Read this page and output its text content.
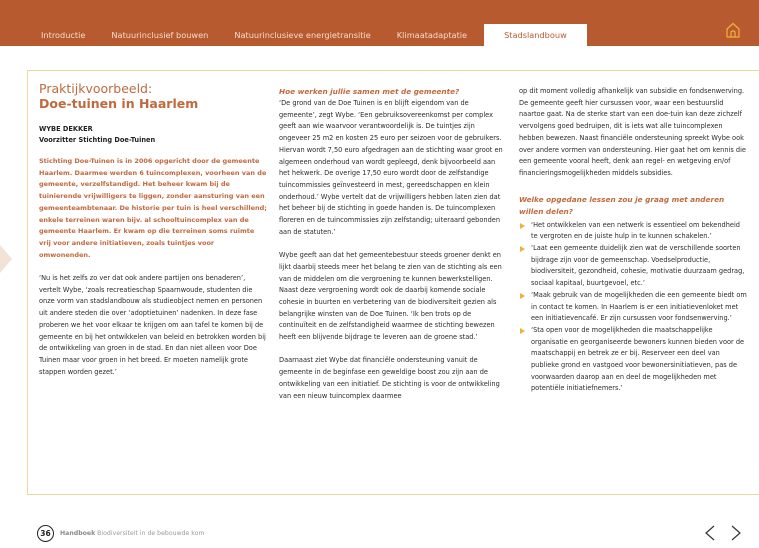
Introductie	Natuurinclusief bouwen	Natuurinclusieve energietransitie	Klimaatadaptatie	Stadslandbouw
Praktijkvoorbeeld:
Doe-tuinen in Haarlem
WYBE DEKKER
Voorzitter Stichting Doe-Tuinen

Stichting Doe-Tuinen is in 2006 opgericht door de gemeente Haarlem. Daarmee werden 6 tuincomplexen, voorheen van de gemeente, verzelfstandigd. Het beheer kwam bij de tuinierende vrijwilligers te liggen, zonder aansturing van een gemeenteambtenaar. De historie per tuin is heel verschillend; enkele terreinen waren bijv. al schooltuincomplex van de gemeente Haarlem. Er kwam op die terreinen soms ruimte vrij voor andere initiatieven, zoals tuintjes voor omwonenden.

‘Nu is het zelfs zo ver dat ook andere partijen ons benaderen’, vertelt Wybe, ‘zoals recreatieschap Spaarnwoude, studenten die onze vorm van stadslandbouw als studieobject nemen en personen uit andere steden die over ‘adoptietuinen’ nadenken. In deze fase proberen we het voor elkaar te krijgen om aan tafel te komen bij de gemeente en bij het ontwikkelen van beleid en betrokken worden bij de ontwikkeling van groen in de stad. En dan niet alleen voor Doe Tuinen maar voor groen in het breed. Er moeten namelijk grote stappen worden gezet.’

Hoe werken jullie samen met de gemeente?

‘De grond van de Doe Tuinen is en blijft eigendom van de gemeente’, zegt Wybe. ‘Een gebruiksovereenkomst per complex geeft aan wie waarvoor verantwoordelijk is. De tuintjes zijn ongeveer 25 m2 en kosten 25 euro per seizoen voor de gebruikers. Hiervan wordt 7,50 euro afgedragen aan de stichting waar groot en algemeen onderhoud van wordt gepleegd, denk bijvoorbeeld aan het hekwerk. De overige 17,50 euro wordt door de zelfstandige tuincommissies geïnvesteerd in mest, gereedschappen en klein onderhoud.’ Wybe vertelt dat de vrijwilligers hebben laten zien dat het beheer bij de stichting in goede handen is. De tuincomplexen floreren en de tuincommissies zijn zelfstandig; uiteraard gebonden aan de statuten.’

Wybe geeft aan dat het gemeentebestuur steeds groener denkt en lijkt daarbij steeds meer het belang te zien van de stichting als een van de middelen om die vergroening te kunnen bewerkstelligen. Naast deze vergroening wordt ook de daarbij komende sociale cohesie in buurten en verbetering van de biodiversiteit gezien als belangrijke winsten van de Doe Tuinen. ‘Ik ben trots op de continuïteit en de zelfstandigheid waarmee de stichting bewezen heeft een blijvende bijdrage te leveren aan de groene stad.’

Daarnaast ziet Wybe dat financiële ondersteuning vanuit de gemeente in de beginfase een geweldige boost zou zijn aan de ontwikkeling van een initiatief. De stichting is voor de ontwikkeling van een nieuw tuincomplex daarmee

op dit moment volledig afhankelijk van subsidie en fondsenwerving. De gemeente geeft hier cursussen voor, waar een bestuurslid naartoe gaat. Na de sterke start van een doe-tuin kan deze zichzelf vervolgens goed bedruipen, dit is iets wat alle tuincomplexen hebben bewezen. Naast financiële ondersteuning spreekt Wybe ook over andere vormen van ondersteuning. Hier gaat het om kennis die een gemeente vooral heeft, denk aan regel- en wetgeving en/of financieringsmogelijkheden middels subsidies.

Welke opgedane lessen zou je graag met anderen willen delen?
‘Het ontwikkelen van een netwerk is essentieel om bekendheid te vergroten en de juiste hulp in te kunnen schakelen.’
‘Laat een gemeente duidelijk zien wat de verschillende soorten bijdrage zijn voor de gemeenschap. Voedselproductie, biodiversiteit, gezondheid, cohesie, motivatie duurzaam gedrag, sociaal kapitaal, buurtgevoel, etc.’
‘Maak gebruik van de mogelijkheden die een gemeente biedt om in contact te komen. In Haarlem is er een initiatievenloket met een initiatievencafé. Er zijn cursussen voor fondsenwerving.’
‘Sta open voor de mogelijkheden die maatschappelijke organisatie en georganiseerde bewoners kunnen bieden voor de maatschappij en betrek ze er bij. Reserveer een deel van publieke grond en vastgoed voor bewonersinitiatieven, pas de voorwaarden daarop aan en deel de mogelijkheden met potentiële initiatiefnemers.’
36	Handboek Biodiversiteit in de bebouwde kom
